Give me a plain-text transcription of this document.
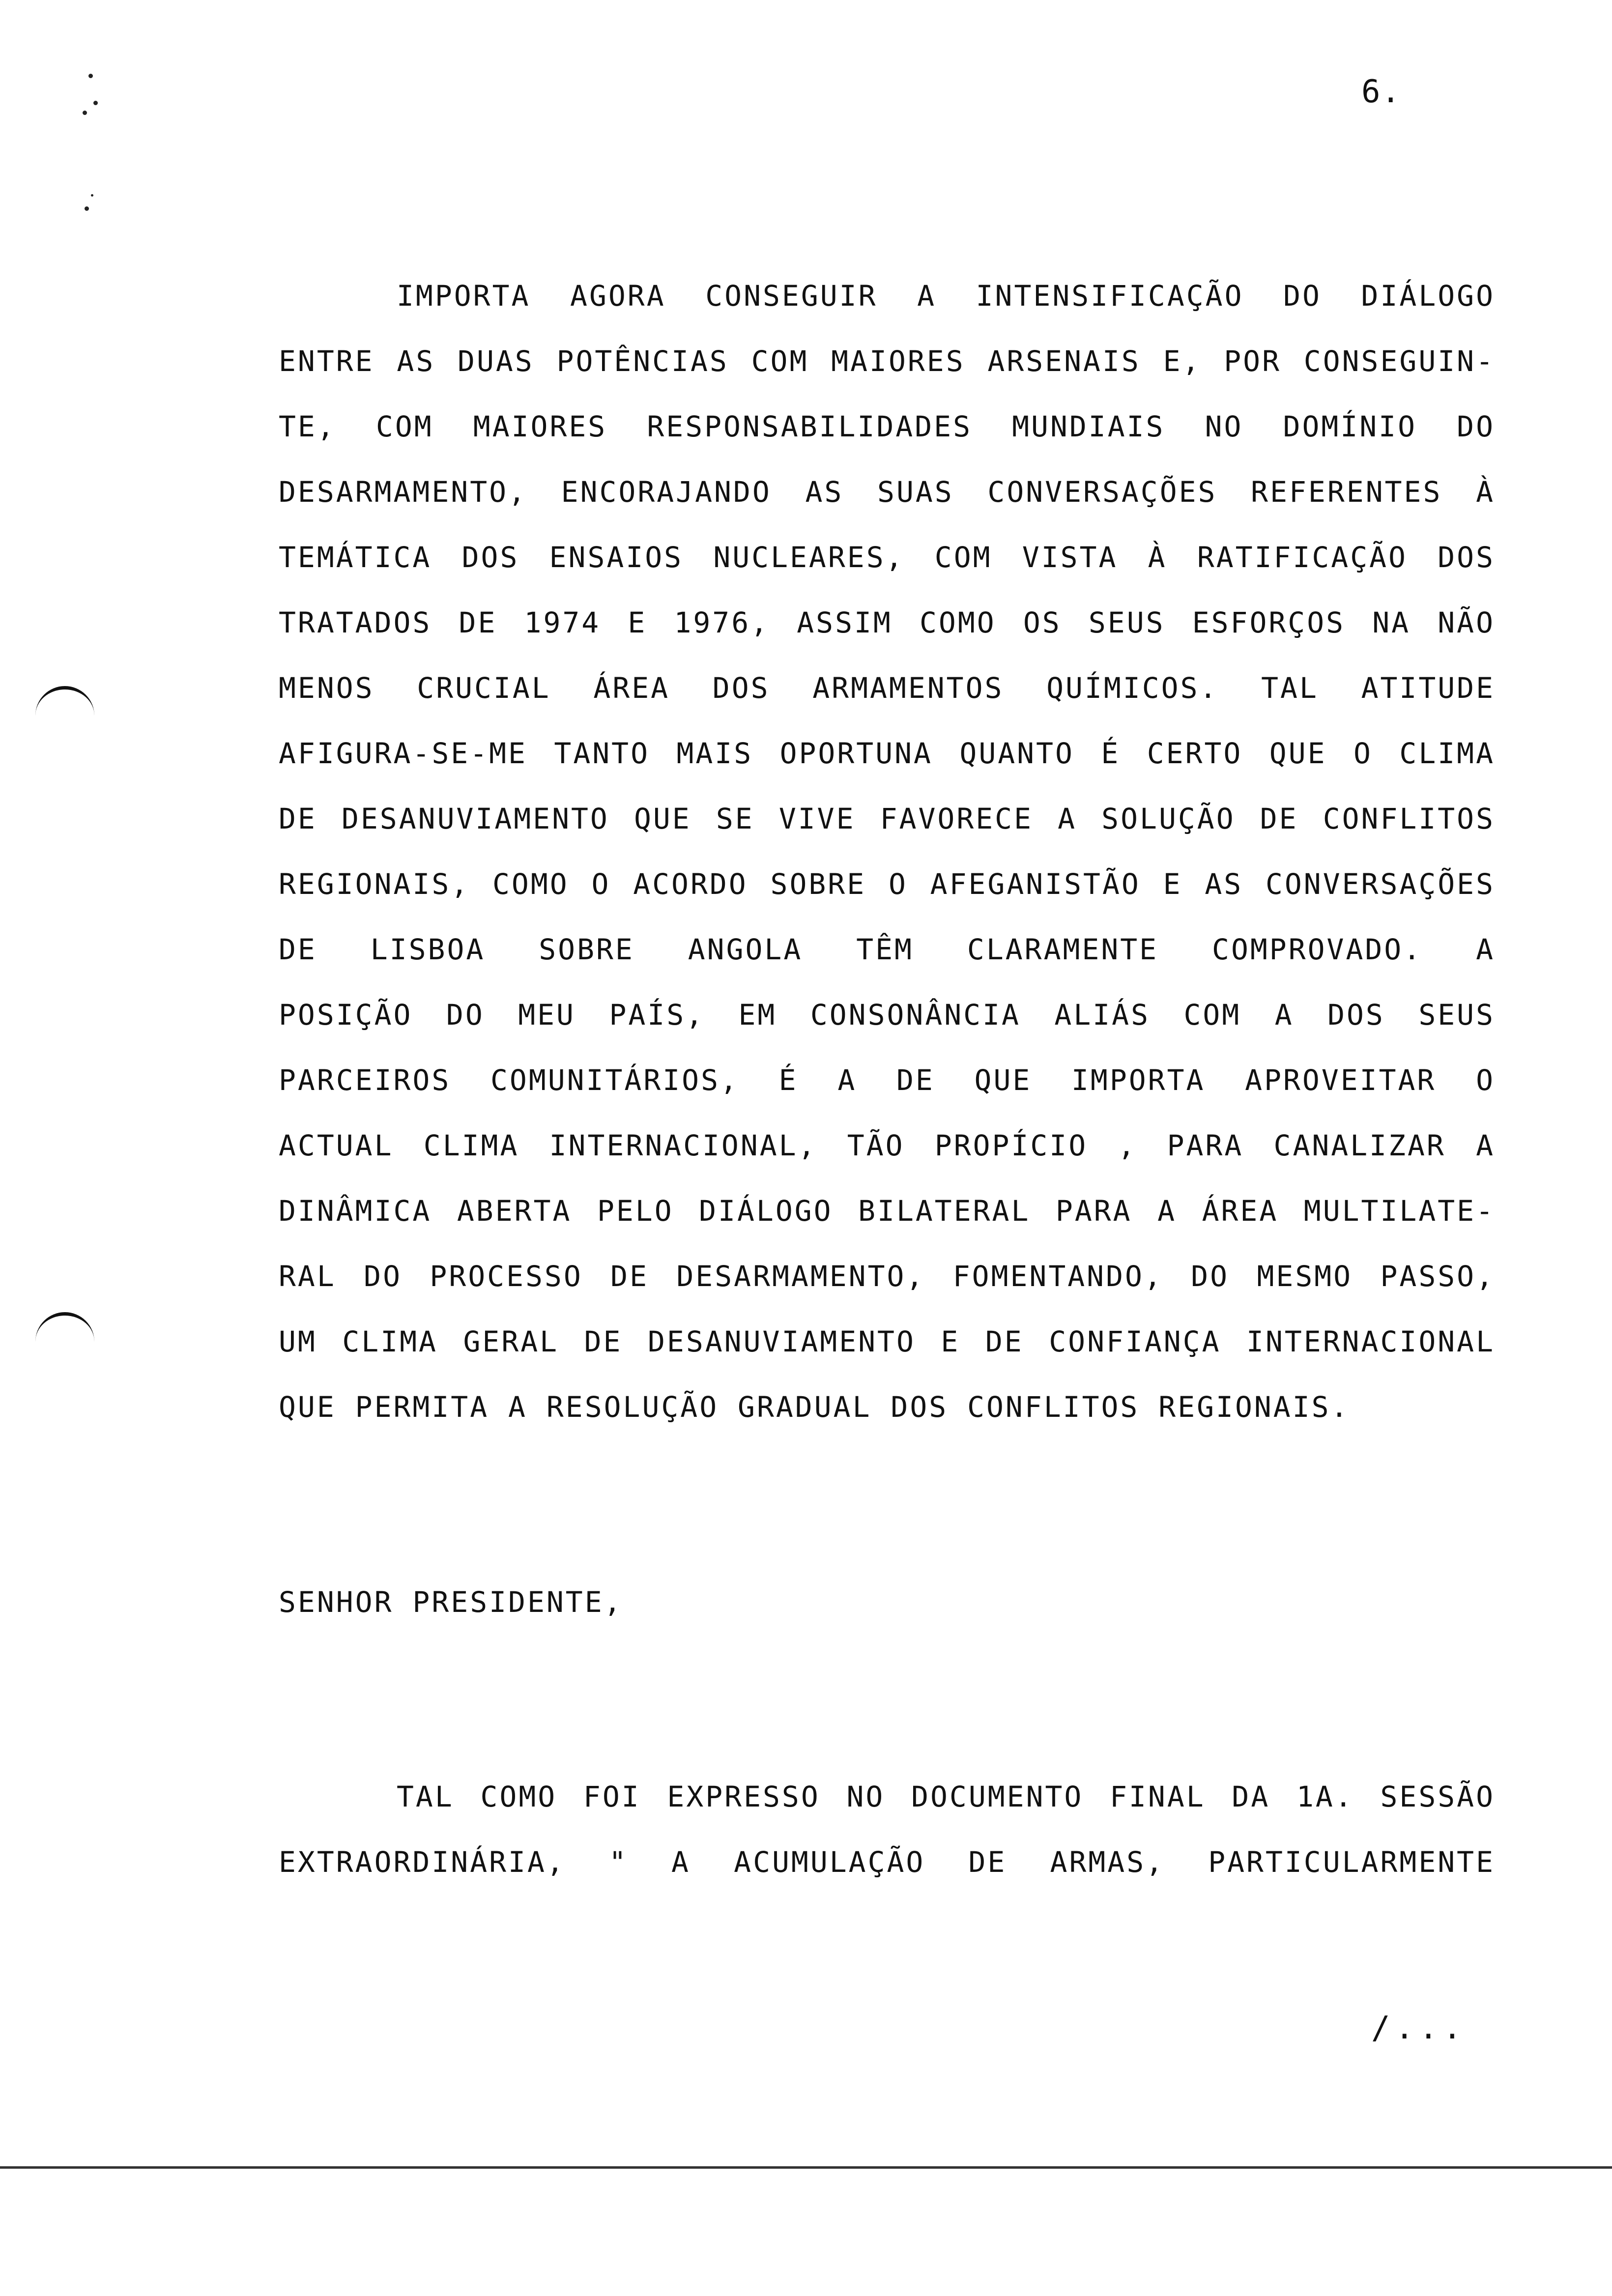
6.
IMPORTA AGORA CONSEGUIR A INTENSIFICAÇÃO DO DIÁLOGO
ENTRE AS DUAS POTÊNCIAS COM MAIORES ARSENAIS E, POR CONSEGUIN-
TE, COM MAIORES RESPONSABILIDADES MUNDIAIS NO DOMÍNIO DO
DESARMAMENTO, ENCORAJANDO AS SUAS CONVERSAÇÕES REFERENTES À
TEMÁTICA DOS ENSAIOS NUCLEARES, COM VISTA À RATIFICAÇÃO DOS
TRATADOS DE 1974 E 1976, ASSIM COMO OS SEUS ESFORÇOS NA NÃO
MENOS CRUCIAL ÁREA DOS ARMAMENTOS QUÍMICOS. TAL ATITUDE
AFIGURA-SE-ME TANTO MAIS OPORTUNA QUANTO É CERTO QUE O CLIMA
DE DESANUVIAMENTO QUE SE VIVE FAVORECE A SOLUÇÃO DE CONFLITOS
REGIONAIS, COMO O ACORDO SOBRE O AFEGANISTÃO E AS CONVERSAÇÕES
DE LISBOA SOBRE ANGOLA TÊM CLARAMENTE COMPROVADO. A
POSIÇÃO DO MEU PAÍS, EM CONSONÂNCIA ALIÁS COM A DOS SEUS
PARCEIROS COMUNITÁRIOS, É A DE QUE IMPORTA APROVEITAR O
ACTUAL CLIMA INTERNACIONAL, TÃO PROPÍCIO , PARA CANALIZAR A
DINÂMICA ABERTA PELO DIÁLOGO BILATERAL PARA A ÁREA MULTILATE-
RAL DO PROCESSO DE DESARMAMENTO, FOMENTANDO, DO MESMO PASSO,
UM CLIMA GERAL DE DESANUVIAMENTO E DE CONFIANÇA INTERNACIONAL
QUE PERMITA A RESOLUÇÃO GRADUAL DOS CONFLITOS REGIONAIS.
SENHOR PRESIDENTE,
TAL COMO FOI EXPRESSO NO DOCUMENTO FINAL DA 1A. SESSÃO
EXTRAORDINÁRIA, " A ACUMULAÇÃO DE ARMAS, PARTICULARMENTE
/...
